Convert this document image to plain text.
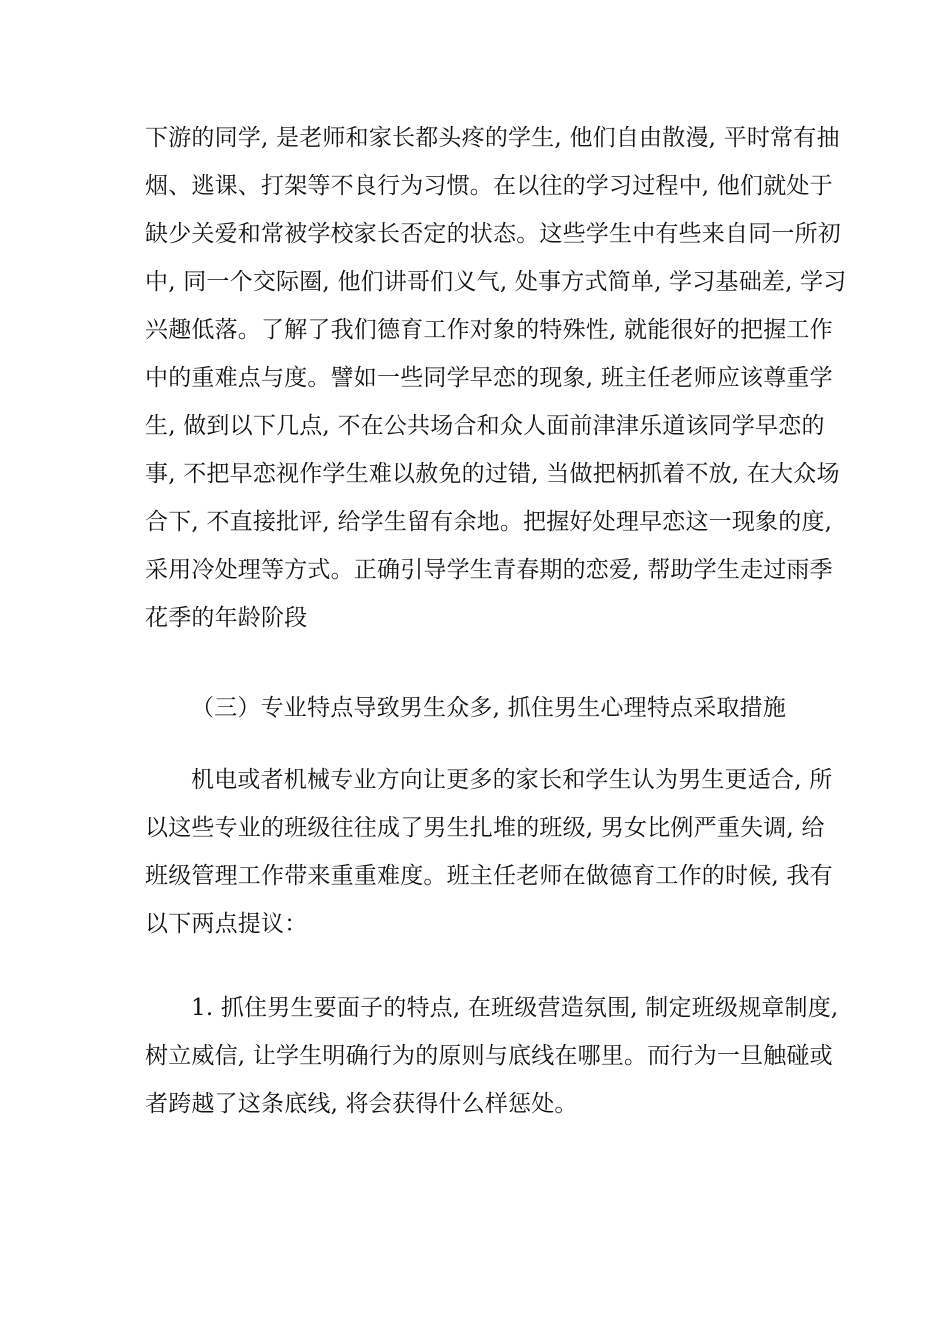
下游的同学, 是老师和家长都头疼的学生, 他们自由散漫, 平时常有抽
烟、逃课、打架等不良行为习惯。在以往的学习过程中, 他们就处于
缺少关爱和常被学校家长否定的状态。这些学生中有些来自同一所初
中, 同一个交际圈, 他们讲哥们义气, 处事方式简单, 学习基础差, 学习
兴趣低落。了解了我们德育工作对象的特殊性, 就能很好的把握工作
中的重难点与度。譬如一些同学早恋的现象, 班主任老师应该尊重学
生, 做到以下几点, 不在公共场合和众人面前津津乐道该同学早恋的
事, 不把早恋视作学生难以赦免的过错, 当做把柄抓着不放, 在大众场
合下, 不直接批评, 给学生留有余地。把握好处理早恋这一现象的度,
采用冷处理等方式。正确引导学生青春期的恋爱, 帮助学生走过雨季
花季的年龄阶段
（三）专业特点导致男生众多, 抓住男生心理特点采取措施
机电或者机械专业方向让更多的家长和学生认为男生更适合, 所
以这些专业的班级往往成了男生扎堆的班级, 男女比例严重失调, 给
班级管理工作带来重重难度。班主任老师在做德育工作的时候, 我有
以下两点提议：
1. 抓住男生要面子的特点, 在班级营造氛围, 制定班级规章制度,
树立威信, 让学生明确行为的原则与底线在哪里。而行为一旦触碰或
者跨越了这条底线, 将会获得什么样惩处。
